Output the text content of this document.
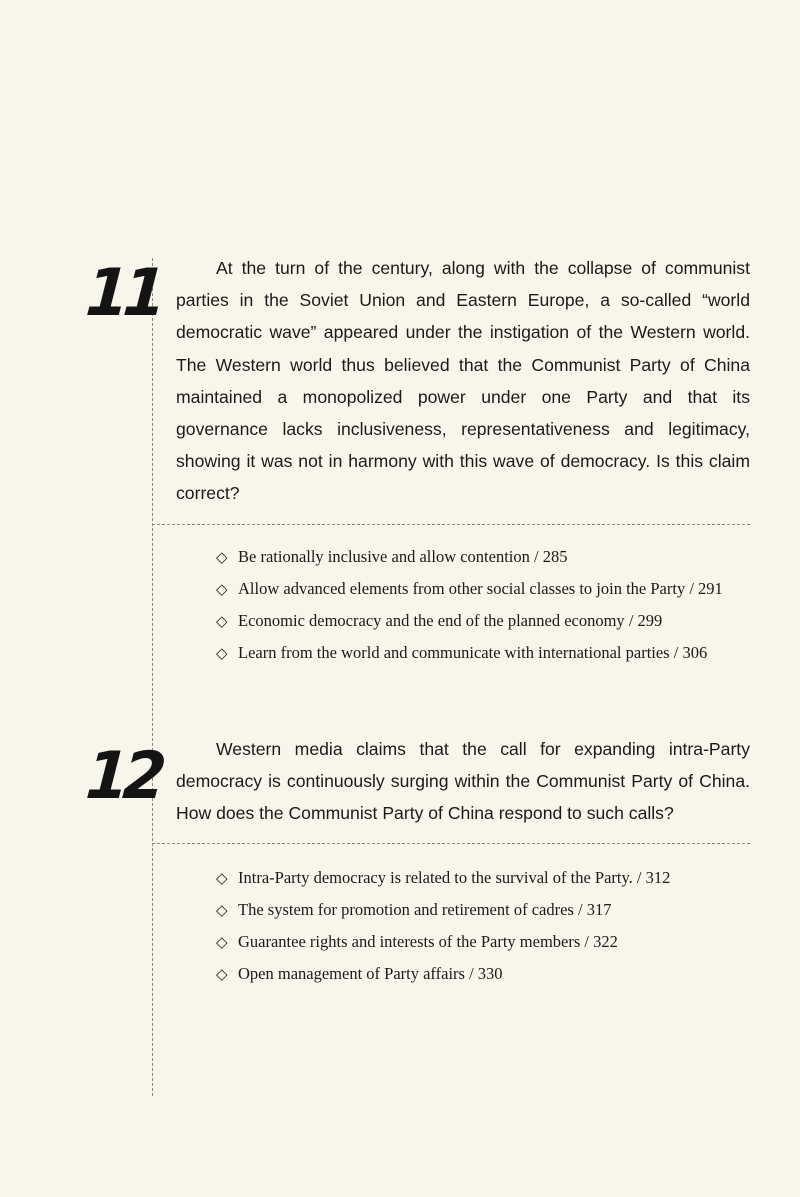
11	At the turn of the century, along with the collapse of communist parties in the Soviet Union and Eastern Europe, a so-called “world democratic wave” appeared under the instigation of the Western world. The Western world thus believed that the Communist Party of China maintained a monopolized power under one Party and that its governance lacks inclusiveness, representativeness and legitimacy, showing it was not in harmony with this wave of democracy. Is this claim correct?

◇ Be rationally inclusive and allow contention / 285
◇ Allow advanced elements from other social classes to join the Party / 291
◇ Economic democracy and the end of the planned economy / 299
◇ Learn from the world and communicate with international parties / 306
12	Western media claims that the call for expanding intra-Party democracy is continuously surging within the Communist Party of China. How does the Communist Party of China respond to such calls?

◇ Intra-Party democracy is related to the survival of the Party. / 312
◇ The system for promotion and retirement of cadres / 317
◇ Guarantee rights and interests of the Party members / 322
◇ Open management of Party affairs / 330
